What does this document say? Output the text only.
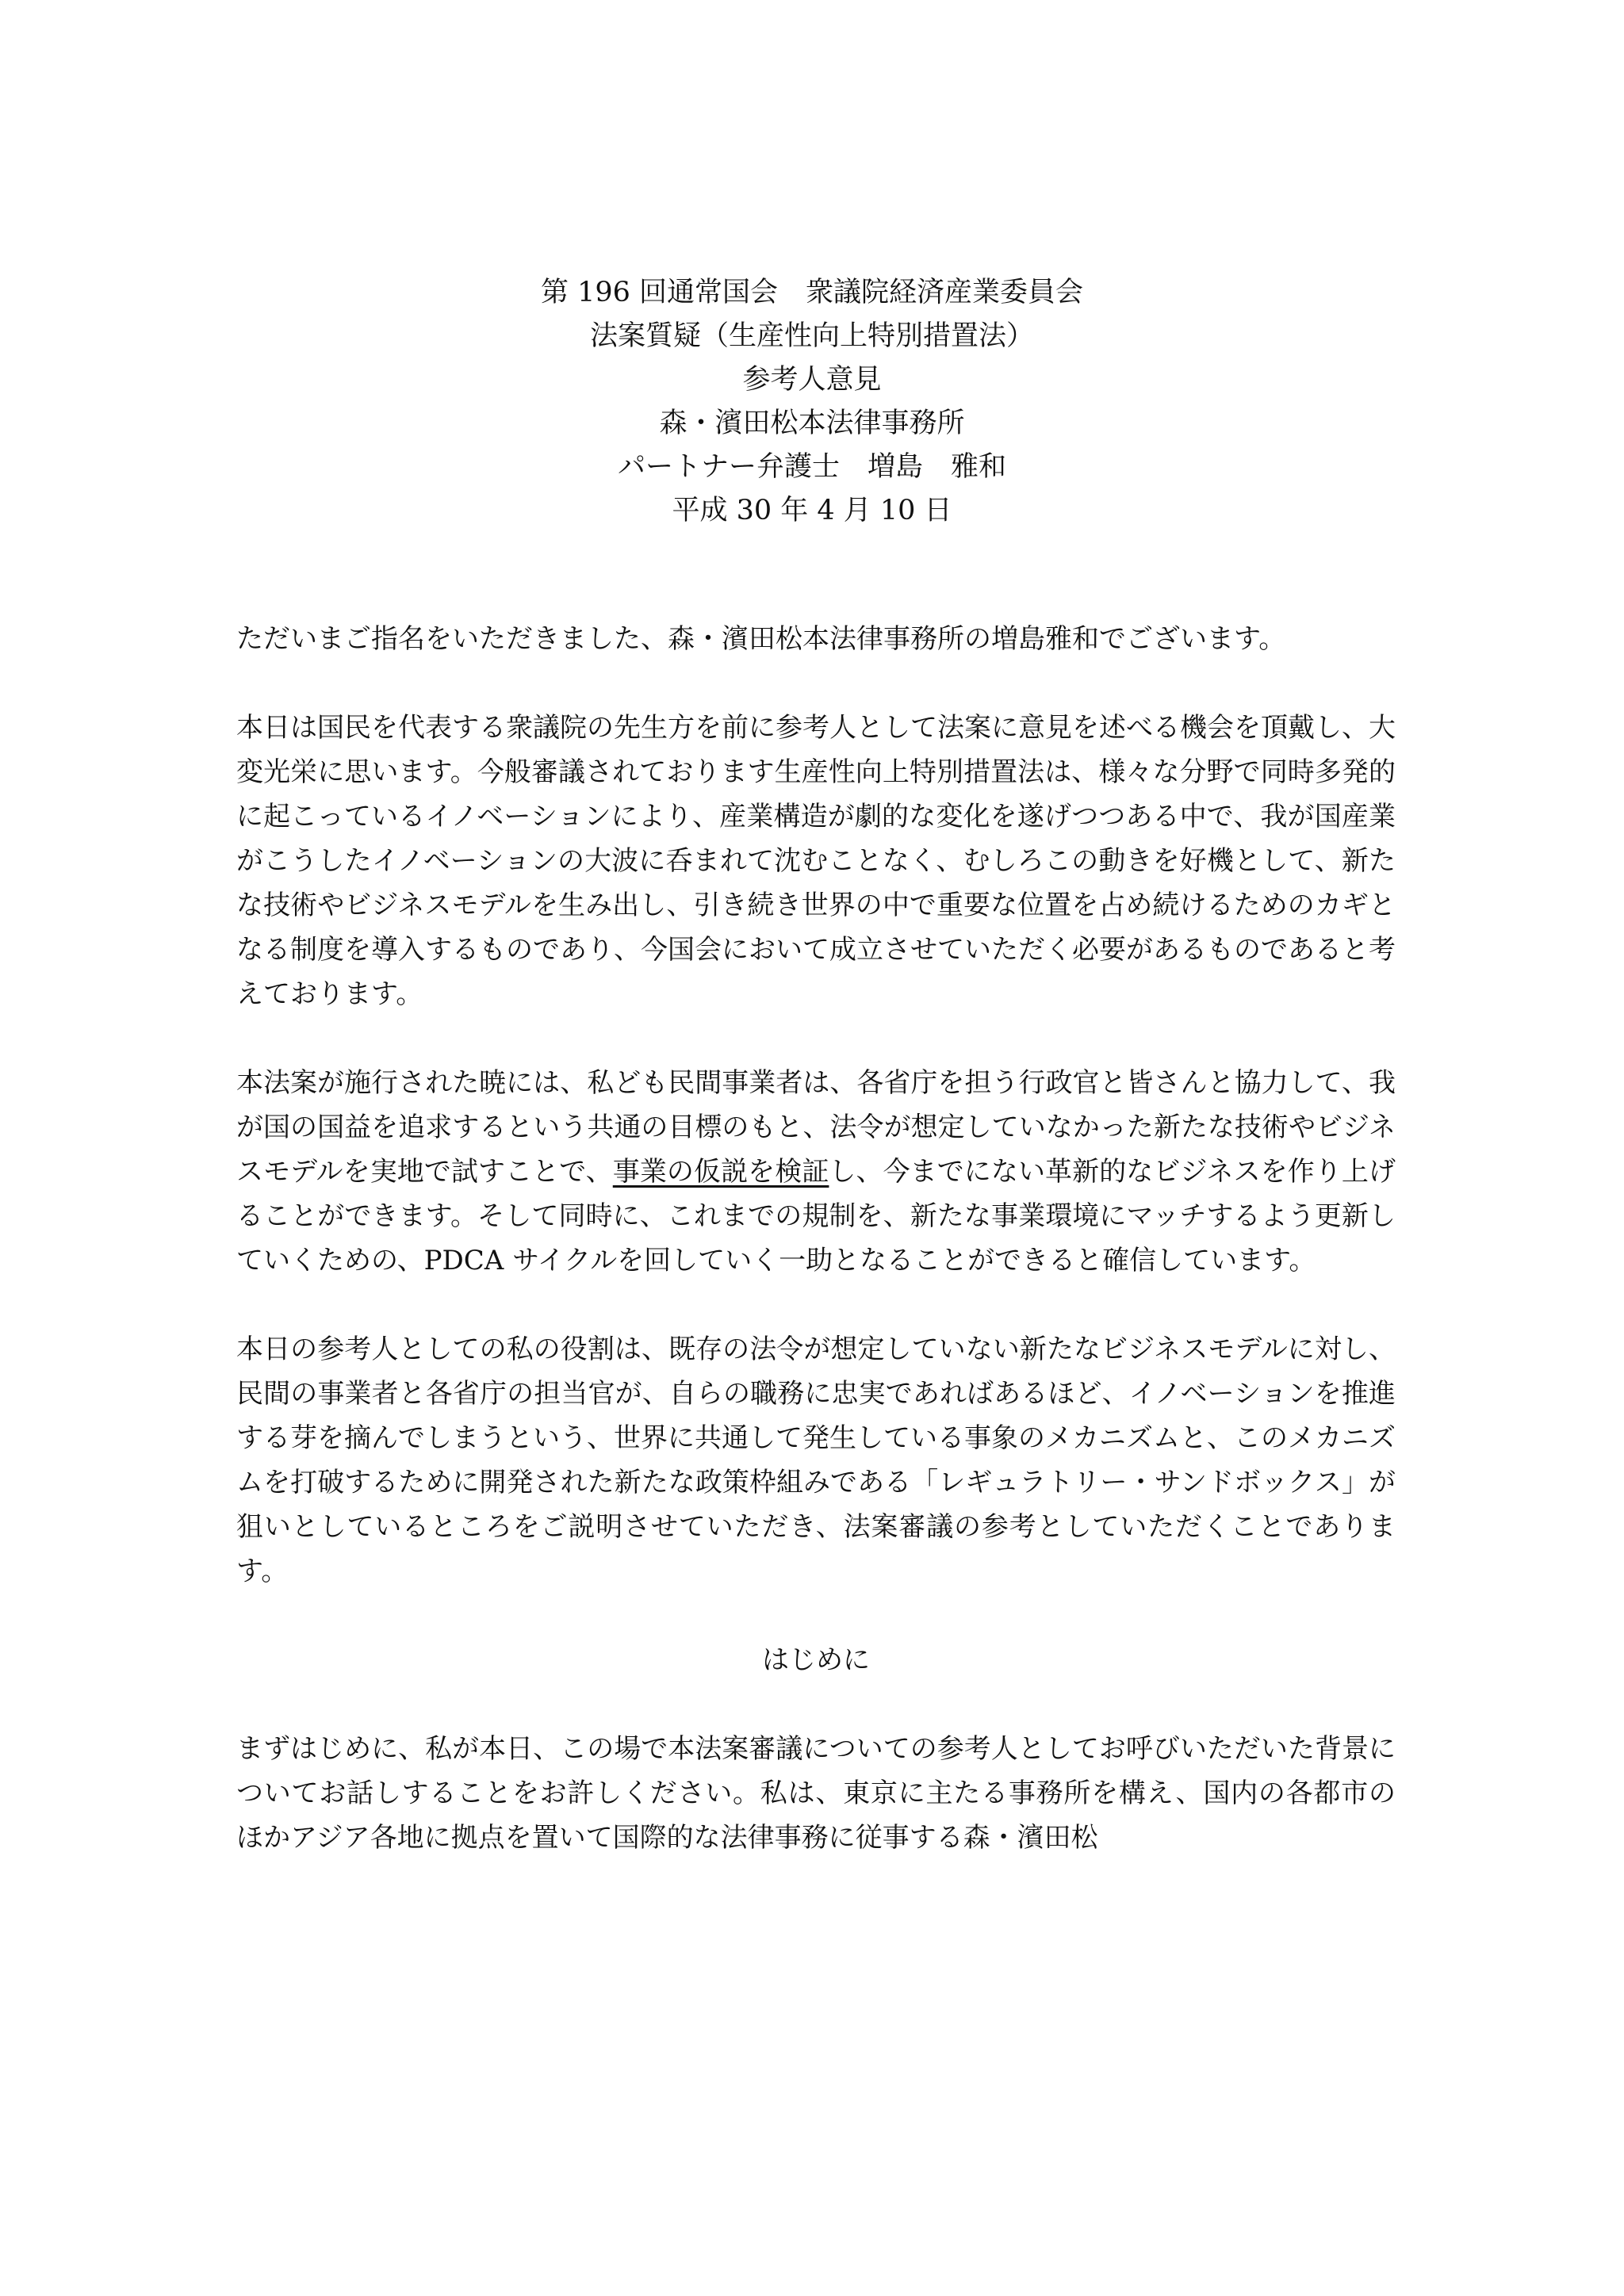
第 196 回通常国会　衆議院経済産業委員会
法案質疑（生産性向上特別措置法）
参考人意見
森・濱田松本法律事務所
パートナー弁護士　増島　雅和
平成 30 年 4 月 10 日

ただいまご指名をいただきました、森・濱田松本法律事務所の増島雅和でございます。

本日は国民を代表する衆議院の先生方を前に参考人として法案に意見を述べる機会を頂戴し、大変光栄に思います。今般審議されております生産性向上特別措置法は、様々な分野で同時多発的に起こっているイノベーションにより、産業構造が劇的な変化を遂げつつある中で、我が国産業がこうしたイノベーションの大波に呑まれて沈むことなく、むしろこの動きを好機として、新たな技術やビジネスモデルを生み出し、引き続き世界の中で重要な位置を占め続けるためのカギとなる制度を導入するものであり、今国会において成立させていただく必要があるものであると考えております。

本法案が施行された暁には、私ども民間事業者は、各省庁を担う行政官と皆さんと協力して、我が国の国益を追求するという共通の目標のもと、法令が想定していなかった新たな技術やビジネスモデルを実地で試すことで、事業の仮説を検証し、今までにない革新的なビジネスを作り上げることができます。そして同時に、これまでの規制を、新たな事業環境にマッチするよう更新していくための、PDCA サイクルを回していく一助となることができると確信しています。

本日の参考人としての私の役割は、既存の法令が想定していない新たなビジネスモデルに対し、民間の事業者と各省庁の担当官が、自らの職務に忠実であればあるほど、イノベーションを推進する芽を摘んでしまうという、世界に共通して発生している事象のメカニズムと、このメカニズムを打破するために開発された新たな政策枠組みである「レギュラトリー・サンドボックス」が狙いとしているところをご説明させていただき、法案審議の参考としていただくことであります。

はじめに

まずはじめに、私が本日、この場で本法案審議についての参考人としてお呼びいただいた背景についてお話しすることをお許しください。私は、東京に主たる事務所を構え、国内の各都市のほかアジア各地に拠点を置いて国際的な法律事務に従事する森・濱田松
